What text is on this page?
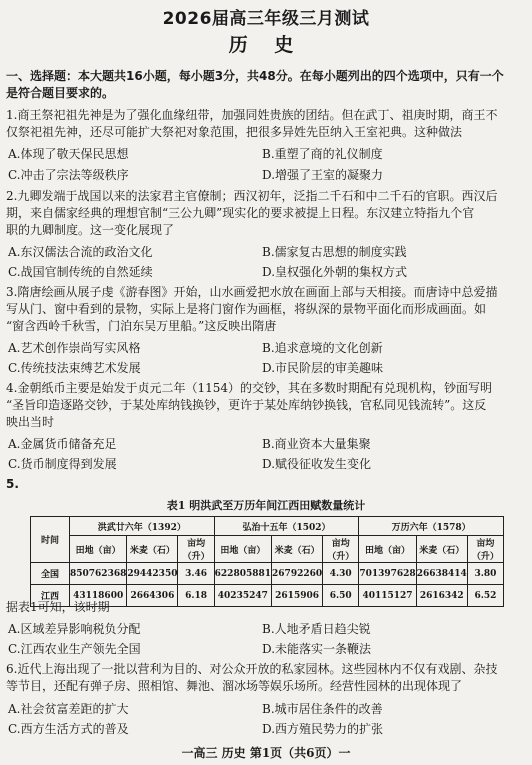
2026届高三年级三月测试
历 史
一、选择题：本大题共16小题，每小题3分，共48分。在每小题列出的四个选项中，只有一个
是符合题目要求的。
1.商王祭祀祖先神是为了强化血缘纽带，加强同姓贵族的团结。但在武丁、祖庚时期，商王不
仅祭祀祖先神，还尽可能扩大祭祀对象范围，把很多异姓先臣纳入王室祀典。这种做法
A.体现了敬天保民思想	B.重塑了商的礼仪制度
C.冲击了宗法等级秩序	D.增强了王室的凝聚力
2.九卿发端于战国以来的法家君主官僚制；西汉初年，泛指二千石和中二千石的官职。西汉后
期，来自儒家经典的理想官制“三公九卿”现实化的要求被提上日程。东汉建立特指九个官
职的九卿制度。这一变化展现了
A.东汉儒法合流的政治文化	B.儒家复古思想的制度实践
C.战国官制传统的自然延续	D.皇权强化外朝的集权方式
3.隋唐绘画从展子虔《游春图》开始，山水画爱把水放在画面上部与天相接。而唐诗中总爱描
写从门、窗中看到的景物，实际上是将门窗作为画框，将纵深的景物平面化而形成画面。如
“窗含西岭千秋雪，门泊东吴万里船。”这反映出隋唐
A.艺术创作崇尚写实风格	B.追求意境的文化创新
C.传统技法束缚艺术发展	D.市民阶层的审美趣味
4.金朝纸币主要是始发于贞元二年（1154）的交钞，其在多数时期配有兑现机构，钞面写明
“圣旨印造逐路交钞，于某处库纳钱换钞，更许于某处库纳钞换钱，官私同见钱流转”。这反
映出当时
A.金属货币储备充足	B.商业资本大量集聚
C.货币制度得到发展	D.赋役征收发生变化
5.
表1 明洪武至万历年间江西田赋数量统计
时间	洪武廿六年（1392）			弘治十五年（1502）			万历六年（1578）		
	田地（亩）	米麦（石）	亩均（升）	田地（亩）	米麦（石）	亩均（升）	田地（亩）	米麦（石）	亩均（升）
全国	850762368	29442350	3.46	622805881	26792260	4.30	701397628	26638414	3.80
江西	43118600	2664306	6.18	40235247	2615906	6.50	40115127	2616342	6.52
据表1可知，该时期
A.区域差异影响税负分配	B.人地矛盾日趋尖锐
C.江西农业生产领先全国	D.未能落实一条鞭法
6.近代上海出现了一批以营利为目的、对公众开放的私家园林。这些园林内不仅有戏剧、杂技
等节目，还配有弹子房、照相馆、舞池、溜冰场等娱乐场所。经营性园林的出现体现了
A.社会贫富差距的扩大	B.城市居住条件的改善
C.西方生活方式的普及	D.西方殖民势力的扩张
一高三 历史 第1页（共6页）一
